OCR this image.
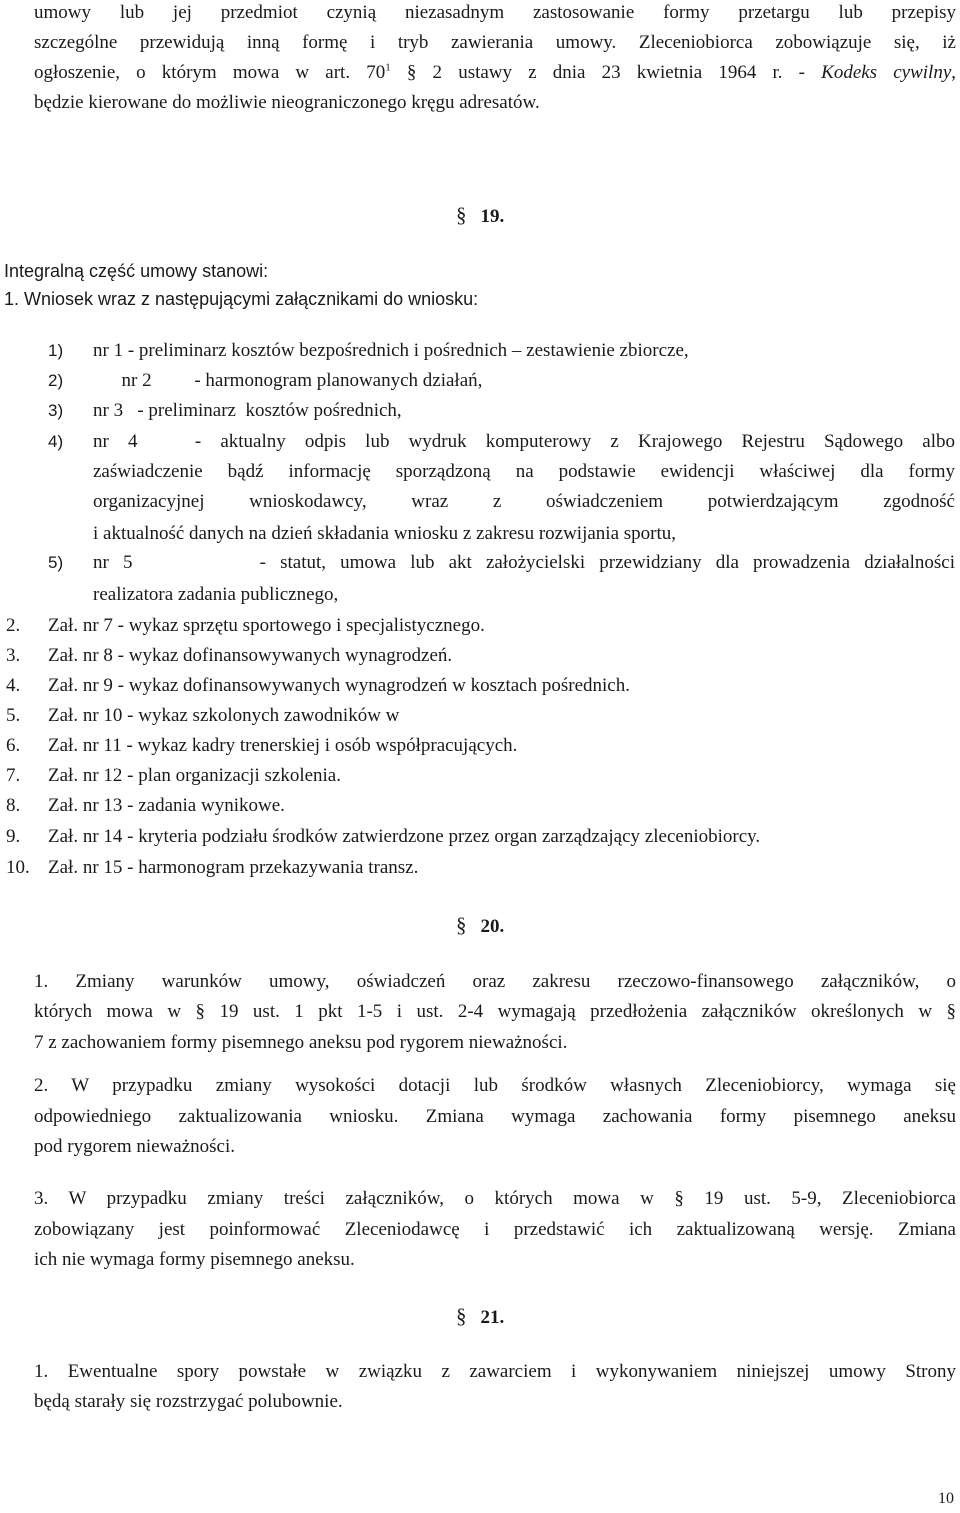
umowy lub jej przedmiot czynią niezasadnym zastosowanie formy przetargu lub przepisy
szczególne przewidują inną formę i tryb zawierania umowy. Zleceniobiorca zobowiązuje się, iż
ogłoszenie, o którym mowa w art. $70^1$ § 2 ustawy z dnia 23 kwietnia 1964 r. - Kodeks cywilny,
będzie kierowane do możliwie nieograniczonego kręgu adresatów.
§ 19.
Integralną część umowy stanowi:
1. Wniosek wraz z następującymi załącznikami do wniosku:
1) nr 1 - preliminarz kosztów bezpośrednich i pośrednich – zestawienie zbiorcze,
2) nr 2         - harmonogram planowanych działań,
3) nr 3   - preliminarz  kosztów pośrednich,
4) nr 4   - aktualny odpis lub wydruk komputerowy z Krajowego Rejestru Sądowego albo
zaświadczenie bądź informację sporządzoną na podstawie ewidencji właściwej dla formy
organizacyjnej wnioskodawcy, wraz z oświadczeniem potwierdzającym zgodność
i aktualność danych na dzień składania wniosku z zakresu rozwijania sportu,
5) nr 5         - statut, umowa lub akt założycielski przewidziany dla prowadzenia działalności
realizatora zadania publicznego,
2. Zał. nr 7 - wykaz sprzętu sportowego i specjalistycznego.
3. Zał. nr 8 - wykaz dofinansowywanych wynagrodzeń.
4. Zał. nr 9 - wykaz dofinansowywanych wynagrodzeń w kosztach pośrednich.
5. Zał. nr 10 - wykaz szkolonych zawodników w
6. Zał. nr 11 - wykaz kadry trenerskiej i osób współpracujących.
7. Zał. nr 12 - plan organizacji szkolenia.
8. Zał. nr 13 - zadania wynikowe.
9. Zał. nr 14 - kryteria podziału środków zatwierdzone przez organ zarządzający zleceniobiorcy.
10. Zał. nr 15 - harmonogram przekazywania transz.
§ 20.
1. Zmiany warunków umowy, oświadczeń oraz zakresu rzeczowo-finansowego załączników, o
których mowa w § 19 ust. 1 pkt 1-5 i ust. 2-4 wymagają przedłożenia załączników określonych w §
7 z zachowaniem formy pisemnego aneksu pod rygorem nieważności.
2. W przypadku zmiany wysokości dotacji lub środków własnych Zleceniobiorcy, wymaga się
odpowiedniego zaktualizowania wniosku. Zmiana wymaga zachowania formy pisemnego aneksu
pod rygorem nieważności.
3. W przypadku zmiany treści załączników, o których mowa w § 19 ust. 5-9, Zleceniobiorca
zobowiązany jest poinformować Zleceniodawcę i przedstawić ich zaktualizowaną wersję. Zmiana
ich nie wymaga formy pisemnego aneksu.
§ 21.
1. Ewentualne spory powstałe w związku z zawarciem i wykonywaniem niniejszej umowy Strony
będą starały się rozstrzygać polubownie.
10
